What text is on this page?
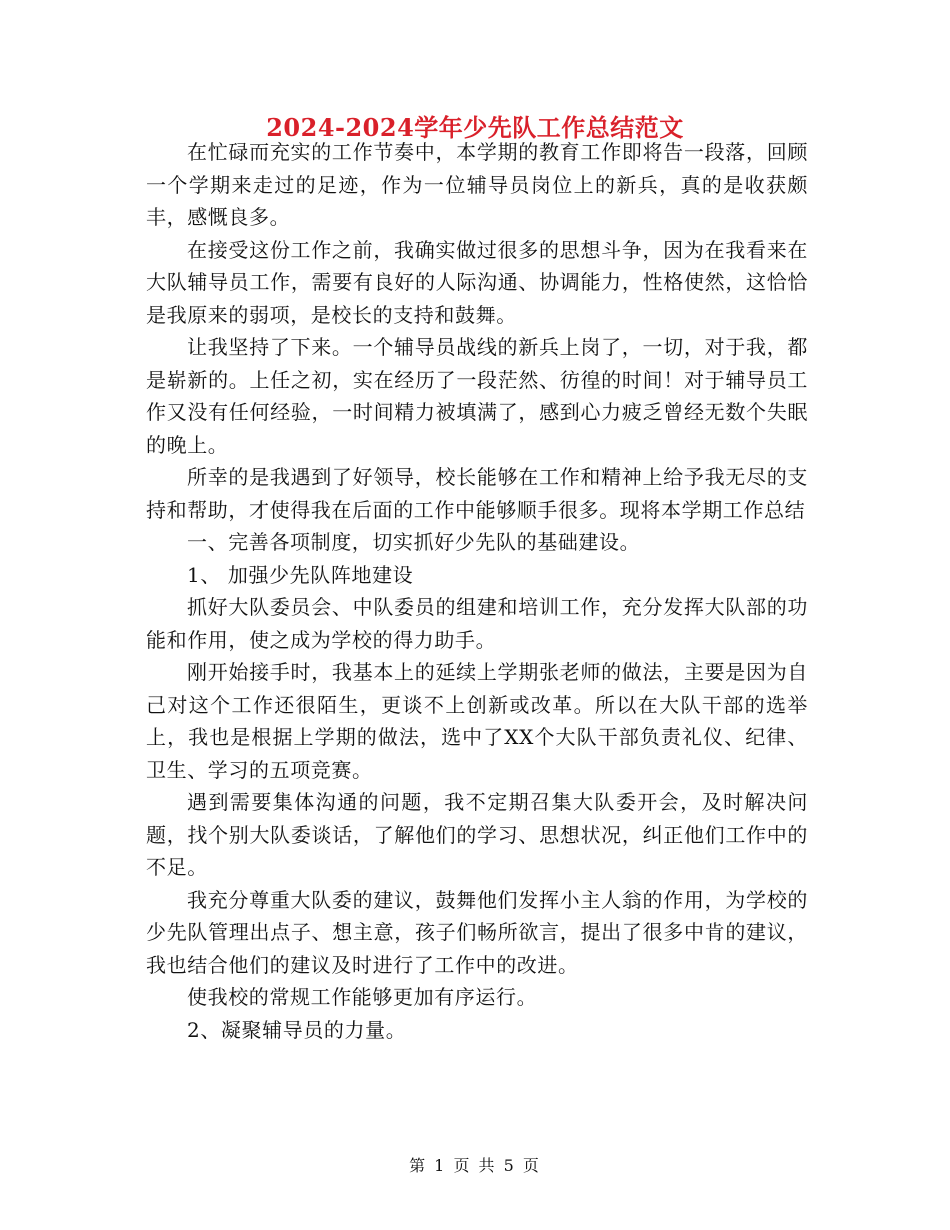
2024-2024学年少先队工作总结范文

在忙碌而充实的工作节奏中，本学期的教育工作即将告一段落，回顾一个学期来走过的足迹，作为一位辅导员岗位上的新兵，真的是收获颇丰，感慨良多。

在接受这份工作之前，我确实做过很多的思想斗争，因为在我看来在大队辅导员工作，需要有良好的人际沟通、协调能力，性格使然，这恰恰是我原来的弱项，是校长的支持和鼓舞。

让我坚持了下来。一个辅导员战线的新兵上岗了，一切，对于我，都是崭新的。上任之初，实在经历了一段茫然、彷徨的时间！对于辅导员工作又没有任何经验，一时间精力被填满了，感到心力疲乏曾经无数个失眠的晚上。

所幸的是我遇到了好领导，校长能够在工作和精神上给予我无尽的支持和帮助，才使得我在后面的工作中能够顺手很多。现将本学期工作总结

一、完善各项制度，切实抓好少先队的基础建设。

1、 加强少先队阵地建设

抓好大队委员会、中队委员的组建和培训工作，充分发挥大队部的功能和作用，使之成为学校的得力助手。

刚开始接手时，我基本上的延续上学期张老师的做法，主要是因为自己对这个工作还很陌生，更谈不上创新或改革。所以在大队干部的选举上，我也是根据上学期的做法，选中了XX个大队干部负责礼仪、纪律、卫生、学习的五项竞赛。

遇到需要集体沟通的问题，我不定期召集大队委开会，及时解决问题，找个别大队委谈话，了解他们的学习、思想状况，纠正他们工作中的不足。

我充分尊重大队委的建议，鼓舞他们发挥小主人翁的作用，为学校的少先队管理出点子、想主意，孩子们畅所欲言，提出了很多中肯的建议，我也结合他们的建议及时进行了工作中的改进。

使我校的常规工作能够更加有序运行。

2、凝聚辅导员的力量。

第 1 页 共 5 页
